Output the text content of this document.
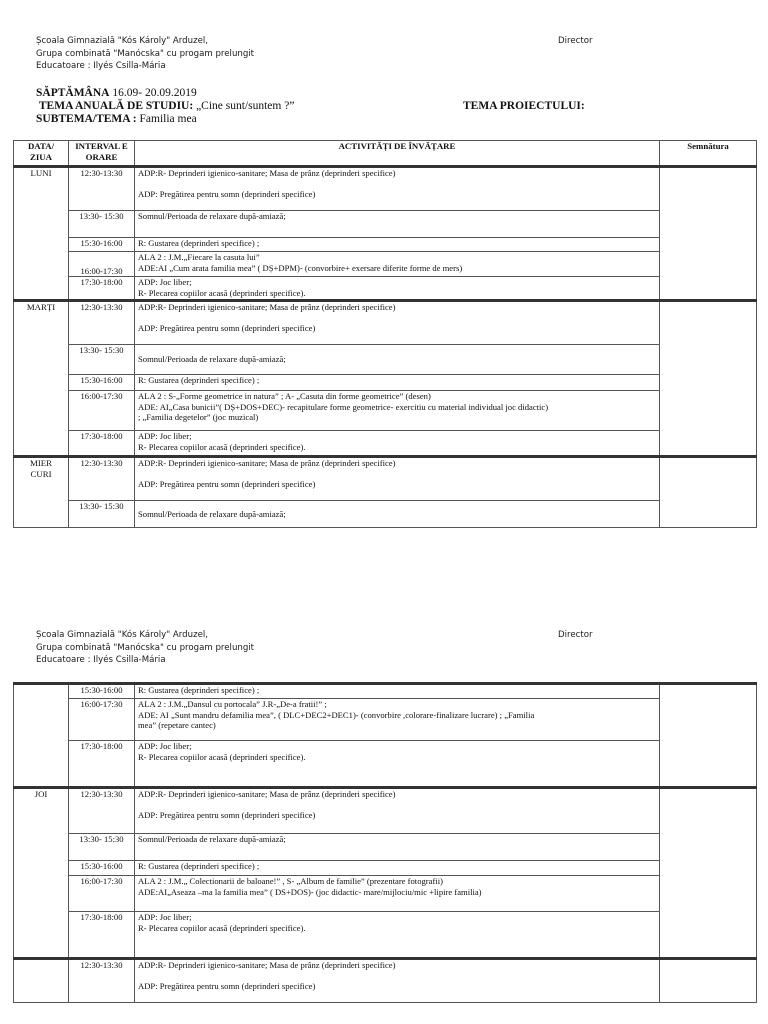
Școala Gimnazială "Kós Károly" Arduzel,
Grupa combinată "Manócska" cu progam prelungit
Educatoare : Ilyés Csilla-Mária
Director
SĂPTĂMÂNA 16.09- 20.09.2019
TEMA ANUALĂ DE STUDIU: „Cine sunt/suntem ?”
SUBTEMA/TEMA : Familia mea
TEMA PROIECTULUI:
DATA/ ZIUA	INTERVAL E ORARE	ACTIVITĂȚI DE ÎNVĂȚARE	Semnătura
LUNI	12:30-13:30	ADP:R- Deprinderi igienico-sanitare; Masa de prânz (deprinderi specifice)
ADP: Pregătirea pentru somn (deprinderi specifice)	

	13:30- 15:30	Somnul/Perioada de relaxare după-amiază;	
	15:30-16:00	R: Gustarea (deprinderi specifice) ;	
	16:00-17:30	ALA 2 : J.M.„Fiecare la casuta lui”
ADE:AI „Cum arata familia mea” ( DȘ+DPM)- (convorbire+ exersare diferite forme de mers)	

	17:30-18:00	ADP: Joc liber;
R- Plecarea copiilor acasă (deprinderi specifice).	

MARȚI	12:30-13:30	ADP:R- Deprinderi igienico-sanitare; Masa de prânz (deprinderi specifice)
ADP: Pregătirea pentru somn (deprinderi specifice)	

	13:30- 15:30	Somnul/Perioada de relaxare după-amiază;	
	15:30-16:00	R: Gustarea (deprinderi specifice) ;	
	16:00-17:30	ALA 2 : S-„Forme geometrice in natura” ; A- „Casuta din forme geometrice” (desen)
ADE: AI„Casa bunicii”( DȘ+DOS+DEC)- recapitulare forme geometrice- exercitiu cu material individual joc didactic)
; „Familia degetelor” (joc muzical)	

	17:30-18:00	ADP: Joc liber;
R- Plecarea copiilor acasă (deprinderi specifice).	

MIER
CURI	12:30-13:30	ADP:R- Deprinderi igienico-sanitare; Masa de prânz (deprinderi specifice)
ADP: Pregătirea pentru somn (deprinderi specifice)	

	13:30- 15:30	Somnul/Perioada de relaxare după-amiază;	
Școala Gimnazială "Kós Károly" Arduzel,
Grupa combinată "Manócska" cu progam prelungit
Educatoare : Ilyés Csilla-Mária
Director
	15:30-16:00	R: Gustarea (deprinderi specifice) ;	
	16:00-17:30	ALA 2 : J.M.„Dansul cu portocala” J.R-„De-a fratii!” ;
ADE: AI „Sunt mandru defamilia mea”, ( DLC+DEC2+DEC1)- (convorbire ,colorare-finalizare lucrare) ; „Familia
mea” (repetare cantec)	

	17:30-18:00	ADP: Joc liber;
R- Plecarea copiilor acasă (deprinderi specifice).	

JOI	12:30-13:30	ADP:R- Deprinderi igienico-sanitare; Masa de prânz (deprinderi specifice)
ADP: Pregătirea pentru somn (deprinderi specifice)	

	13:30- 15:30	Somnul/Perioada de relaxare după-amiază;	
	15:30-16:00	R: Gustarea (deprinderi specifice) ;	
	16:00-17:30	ALA 2 : J.M.„ Colectionarii de baloane!” , S- „Album de familie” (prezentare fotografii)
ADE:AI„Aseaza –ma la familia mea” ( DS+DOS)- (joc didactic- mare/mijlociu/mic +lipire familia)	

	17:30-18:00	ADP: Joc liber;
R- Plecarea copiilor acasă (deprinderi specifice).	

	12:30-13:30	ADP:R- Deprinderi igienico-sanitare; Masa de prânz (deprinderi specifice)
ADP: Pregătirea pentru somn (deprinderi specifice)	
